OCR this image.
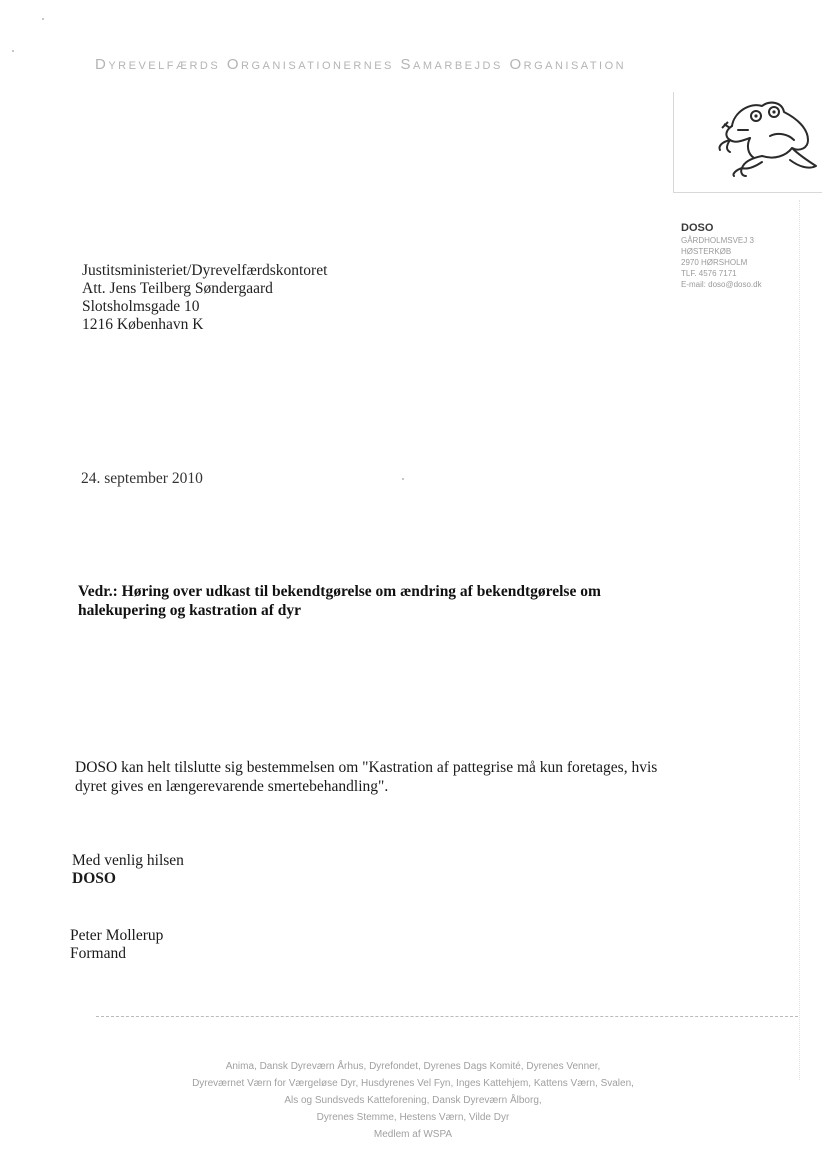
Dyrevelfærds Organisationernes Samarbejds Organisation
DOSO
GÅRDHOLMSVEJ 3
HØSTERKØB
2970 HØRSHOLM
TLF. 4576 7171
E-mail: doso@doso.dk
Justitsministeriet/Dyrevelfærdskontoret
Att. Jens Teilberg Søndergaard
Slotsholmsgade 10
1216 København K
24. september 2010
Vedr.: Høring over udkast til bekendtgørelse om ændring af bekendtgørelse om
halekupering og kastration af dyr
DOSO kan helt tilslutte sig bestemmelsen om "Kastration af pattegrise må kun foretages, hvis
dyret gives en længerevarende smertebehandling".
Med venlig hilsen
DOSO
Peter Mollerup
Formand
Anima, Dansk Dyreværn Århus, Dyrefondet, Dyrenes Dags Komité, Dyrenes Venner,
Dyreværnet Værn for Værgeløse Dyr, Husdyrenes Vel Fyn, Inges Kattehjem, Kattens Værn, Svalen,
Als og Sundsveds Katteforening, Dansk Dyreværn Ålborg,
Dyrenes Stemme, Hestens Værn, Vilde Dyr
Medlem af WSPA
